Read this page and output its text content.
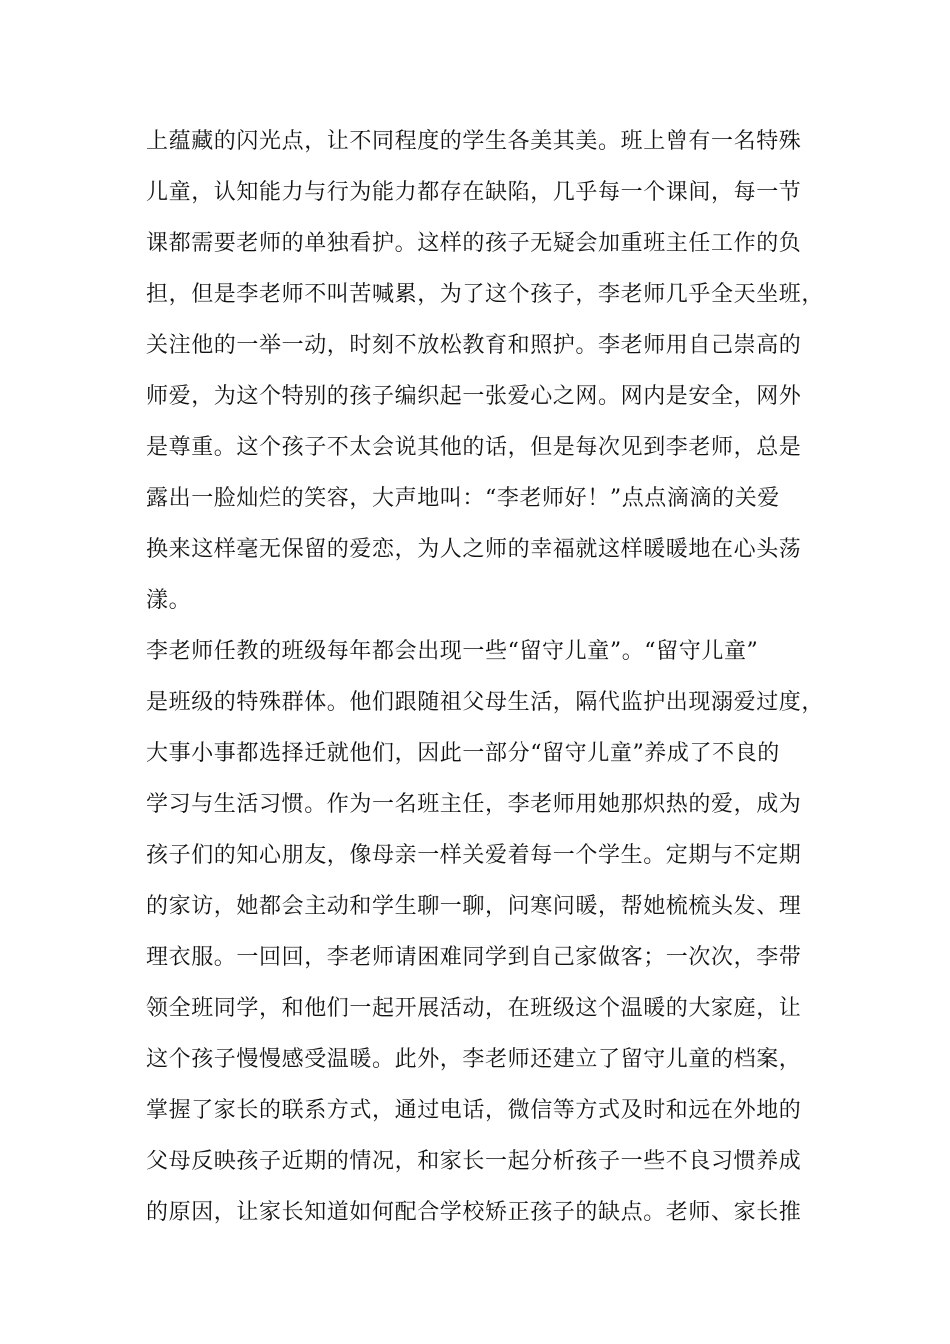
上蕴藏的闪光点，让不同程度的学生各美其美。班上曾有一名特殊
儿童，认知能力与行为能力都存在缺陷，几乎每一个课间，每一节
课都需要老师的单独看护。这样的孩子无疑会加重班主任工作的负
担，但是李老师不叫苦喊累，为了这个孩子，李老师几乎全天坐班，
关注他的一举一动，时刻不放松教育和照护。李老师用自己崇高的
师爱，为这个特别的孩子编织起一张爱心之网。网内是安全，网外
是尊重。这个孩子不太会说其他的话，但是每次见到李老师，总是
露出一脸灿烂的笑容，大声地叫：“李老师好！”点点滴滴的关爱
换来这样毫无保留的爱恋，为人之师的幸福就这样暖暖地在心头荡
漾。
李老师任教的班级每年都会出现一些“留守儿童”。“留守儿童”
是班级的特殊群体。他们跟随祖父母生活，隔代监护出现溺爱过度，
大事小事都选择迁就他们，因此一部分“留守儿童”养成了不良的
学习与生活习惯。作为一名班主任，李老师用她那炽热的爱，成为
孩子们的知心朋友，像母亲一样关爱着每一个学生。定期与不定期
的家访，她都会主动和学生聊一聊，问寒问暖，帮她梳梳头发、理
理衣服。一回回，李老师请困难同学到自己家做客；一次次，李带
领全班同学，和他们一起开展活动，在班级这个温暖的大家庭，让
这个孩子慢慢感受温暖。此外，李老师还建立了留守儿童的档案，
掌握了家长的联系方式，通过电话，微信等方式及时和远在外地的
父母反映孩子近期的情况，和家长一起分析孩子一些不良习惯养成
的原因，让家长知道如何配合学校矫正孩子的缺点。老师、家长推
